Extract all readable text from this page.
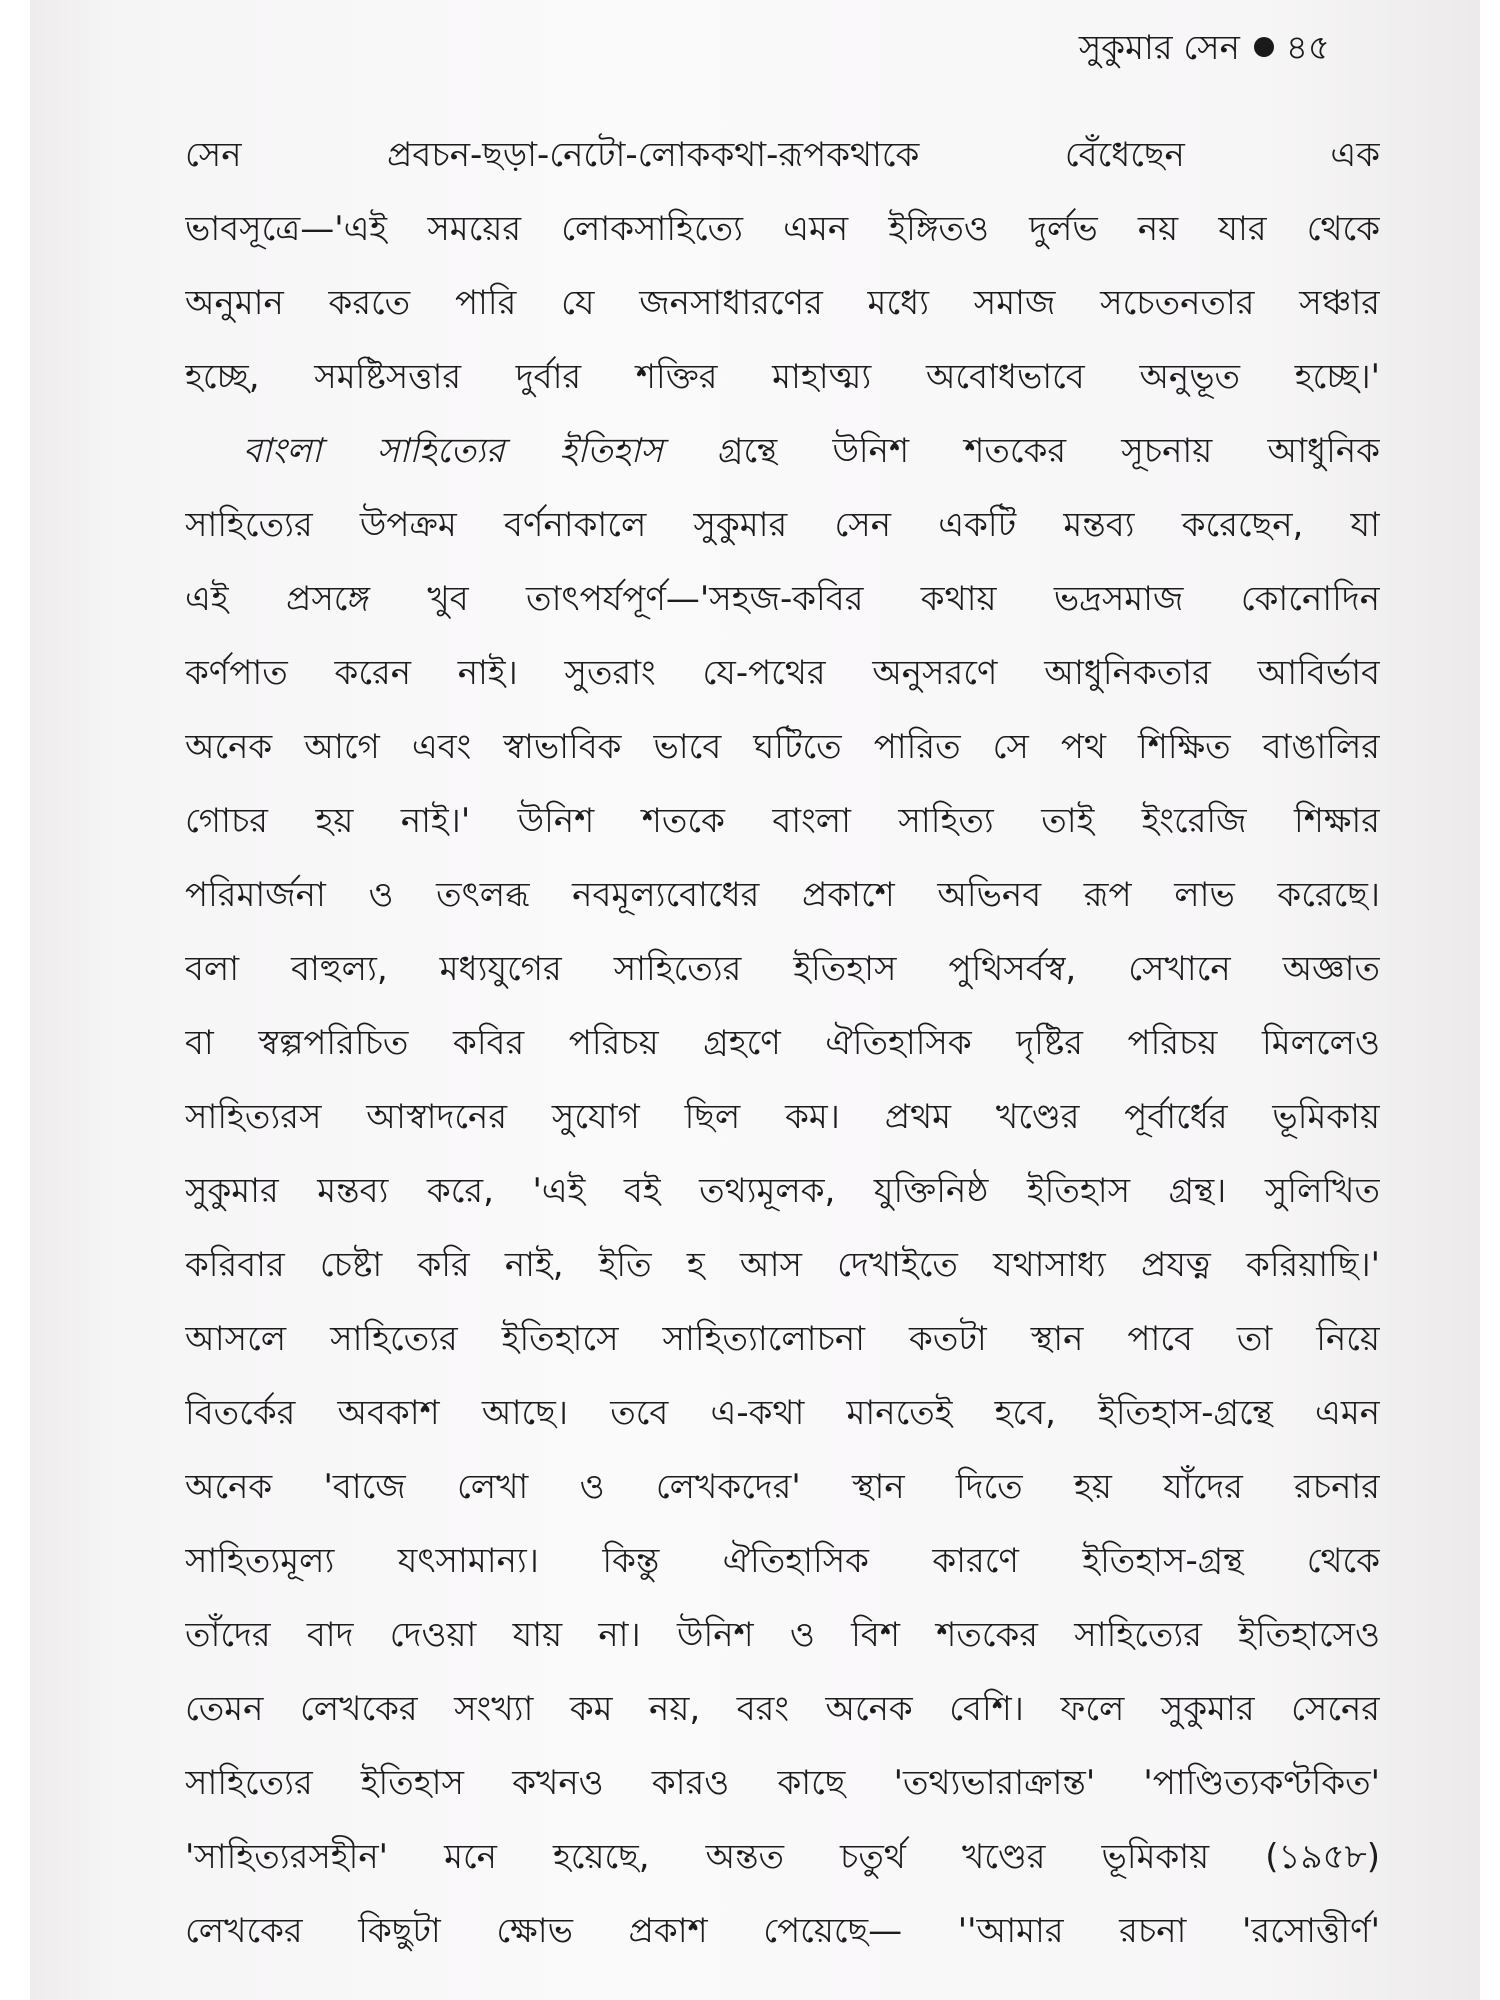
সুকুমার সেন ৪৫
সেন প্রবচন-ছড়া-নেটো-লোককথা-রূপকথাকে বেঁধেছেন এক
ভাবসূত্রে—'এই সময়ের লোকসাহিত্যে এমন ইঙ্গিতও দুর্লভ নয় যার থেকে
অনুমান করতে পারি যে জনসাধারণের মধ্যে সমাজ সচেতনতার সঞ্চার
হচ্ছে, সমষ্টিসত্তার দুর্বার শক্তির মাহাত্ম্য অবোধভাবে অনুভূত হচ্ছে।'
বাংলা সাহিত্যের ইতিহাস গ্রন্থে উনিশ শতকের সূচনায় আধুনিক
সাহিত্যের উপক্রম বর্ণনাকালে সুকুমার সেন একটি মন্তব্য করেছেন, যা
এই প্রসঙ্গে খুব তাৎপর্যপূর্ণ—'সহজ-কবির কথায় ভদ্রসমাজ কোনোদিন
কর্ণপাত করেন নাই। সুতরাং যে-পথের অনুসরণে আধুনিকতার আবির্ভাব
অনেক আগে এবং স্বাভাবিক ভাবে ঘটিতে পারিত সে পথ শিক্ষিত বাঙালির
গোচর হয় নাই।' উনিশ শতকে বাংলা সাহিত্য তাই ইংরেজি শিক্ষার
পরিমার্জনা ও তৎলব্ধ নবমূল্যবোধের প্রকাশে অভিনব রূপ লাভ করেছে।
বলা বাহুল্য, মধ্যযুগের সাহিত্যের ইতিহাস পুথিসর্বস্ব, সেখানে অজ্ঞাত
বা স্বল্পপরিচিত কবির পরিচয় গ্রহণে ঐতিহাসিক দৃষ্টির পরিচয় মিললেও
সাহিত্যরস আস্বাদনের সুযোগ ছিল কম। প্রথম খণ্ডের পূর্বার্ধের ভূমিকায়
সুকুমার মন্তব্য করে, 'এই বই তথ্যমূলক, যুক্তিনিষ্ঠ ইতিহাস গ্রন্থ। সুলিখিত
করিবার চেষ্টা করি নাই, ইতি হ আস দেখাইতে যথাসাধ্য প্রযত্ন করিয়াছি।'
আসলে সাহিত্যের ইতিহাসে সাহিত্যালোচনা কতটা স্থান পাবে তা নিয়ে
বিতর্কের অবকাশ আছে। তবে এ-কথা মানতেই হবে, ইতিহাস-গ্রন্থে এমন
অনেক 'বাজে লেখা ও লেখকদের' স্থান দিতে হয় যাঁদের রচনার
সাহিত্যমূল্য যৎসামান্য। কিন্তু ঐতিহাসিক কারণে ইতিহাস-গ্রন্থ থেকে
তাঁদের বাদ দেওয়া যায় না। উনিশ ও বিশ শতকের সাহিত্যের ইতিহাসেও
তেমন লেখকের সংখ্যা কম নয়, বরং অনেক বেশি। ফলে সুকুমার সেনের
সাহিত্যের ইতিহাস কখনও কারও কাছে 'তথ্যভারাক্রান্ত' 'পাণ্ডিত্যকণ্টকিত'
'সাহিত্যরসহীন' মনে হয়েছে, অন্তত চতুর্থ খণ্ডের ভূমিকায় (১৯৫৮)
লেখকের কিছুটা ক্ষোভ প্রকাশ পেয়েছে— ''আমার রচনা 'রসোত্তীর্ণ'
